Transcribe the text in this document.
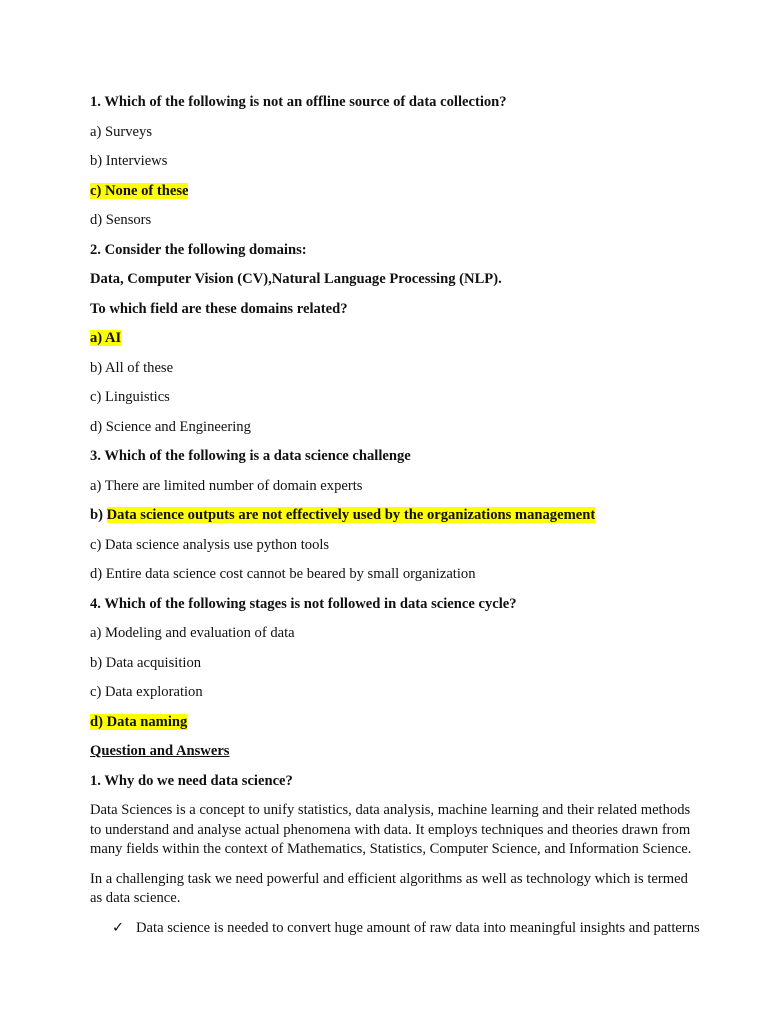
1. Which of the following is not an offline source of data collection?

a) Surveys

b) Interviews

c) None of these

d) Sensors

2. Consider the following domains:

Data, Computer Vision (CV),Natural Language Processing (NLP).

To which field are these domains related?

a) AI

b) All of these

c) Linguistics

d) Science and Engineering

3. Which of the following is a data science challenge

a) There are limited number of domain experts

b) Data science outputs are not effectively used by the organizations management

c) Data science analysis use python tools

d) Entire data science cost cannot be beared by small organization

4. Which of the following stages is not followed in data science cycle?

a) Modeling and evaluation of data

b) Data acquisition

c) Data exploration

d) Data naming

Question and Answers

1. Why do we need data science?

Data Sciences is a concept to unify statistics, data analysis, machine learning and their related methods to understand and analyse actual phenomena with data. It employs techniques and theories drawn from many fields within the context of Mathematics, Statistics, Computer Science, and Information Science.

In a challenging task we need powerful and efficient algorithms as well as technology which is termed as data science.

✓ Data science is needed to convert huge amount of raw data into meaningful insights and patterns
